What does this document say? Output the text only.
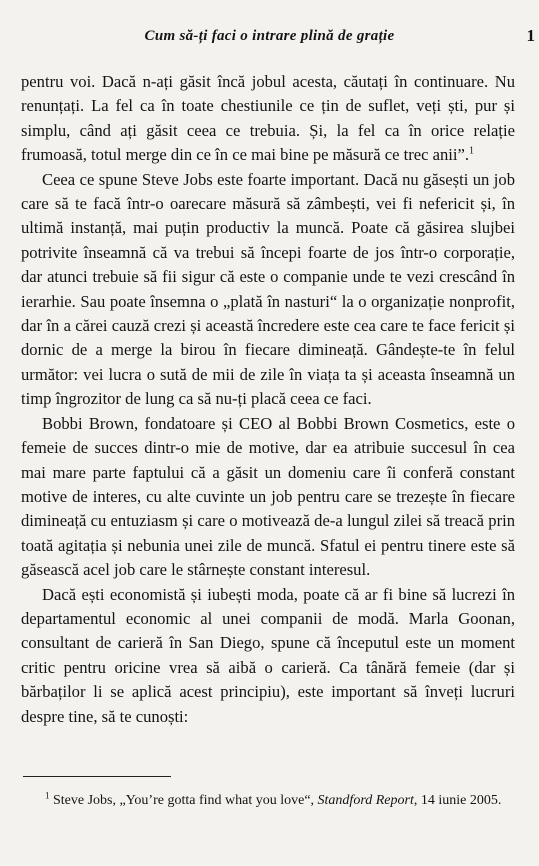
Cum să-ți faci o intrare plină de grație	1

pentru voi. Dacă n-ați găsit încă jobul acesta, căutați în continuare. Nu renunțați. La fel ca în toate chestiunile ce țin de suflet, veți ști, pur și simplu, când ați găsit ceea ce trebuia. Și, la fel ca în orice relație frumoasă, totul merge din ce în ce mai bine pe măsură ce trec anii”.$^1$

Ceea ce spune Steve Jobs este foarte important. Dacă nu găsești un job care să te facă într-o oarecare măsură să zâmbești, vei fi nefericit și, în ultimă instanță, mai puțin productiv la muncă. Poate că găsirea slujbei potrivite înseamnă că va trebui să începi foarte de jos într-o corporație, dar atunci trebuie să fii sigur că este o companie unde te vezi crescând în ierarhie. Sau poate însemna o „plată în nasturi“ la o organizație nonprofit, dar în a cărei cauză crezi și această încredere este cea care te face fericit și dornic de a merge la birou în fiecare dimineață. Gândește-te în felul următor: vei lucra o sută de mii de zile în viața ta și aceasta înseamnă un timp îngrozitor de lung ca să nu-ți placă ceea ce faci.

Bobbi Brown, fondatoare și CEO al Bobbi Brown Cosmetics, este o femeie de succes dintr-o mie de motive, dar ea atribuie succesul în cea mai mare parte faptului că a găsit un domeniu care îi conferă constant motive de interes, cu alte cuvinte un job pentru care se trezește în fiecare dimineață cu entuziasm și care o motivează de-a lungul zilei să treacă prin toată agitația și nebunia unei zile de muncă. Sfatul ei pentru tinere este să găsească acel job care le stârnește constant interesul.

Dacă ești economistă și iubești moda, poate că ar fi bine să lucrezi în departamentul economic al unei companii de modă. Marla Goonan, consultant de carieră în San Diego, spune că începutul este un moment critic pentru oricine vrea să aibă o carieră. Ca tânără femeie (dar și bărbaților li se aplică acest principiu), este important să înveți lucruri despre tine, să te cunoști:

$^1$ Steve Jobs, „You’re gotta find what you love“, Standford Report, 14 iunie 2005.
